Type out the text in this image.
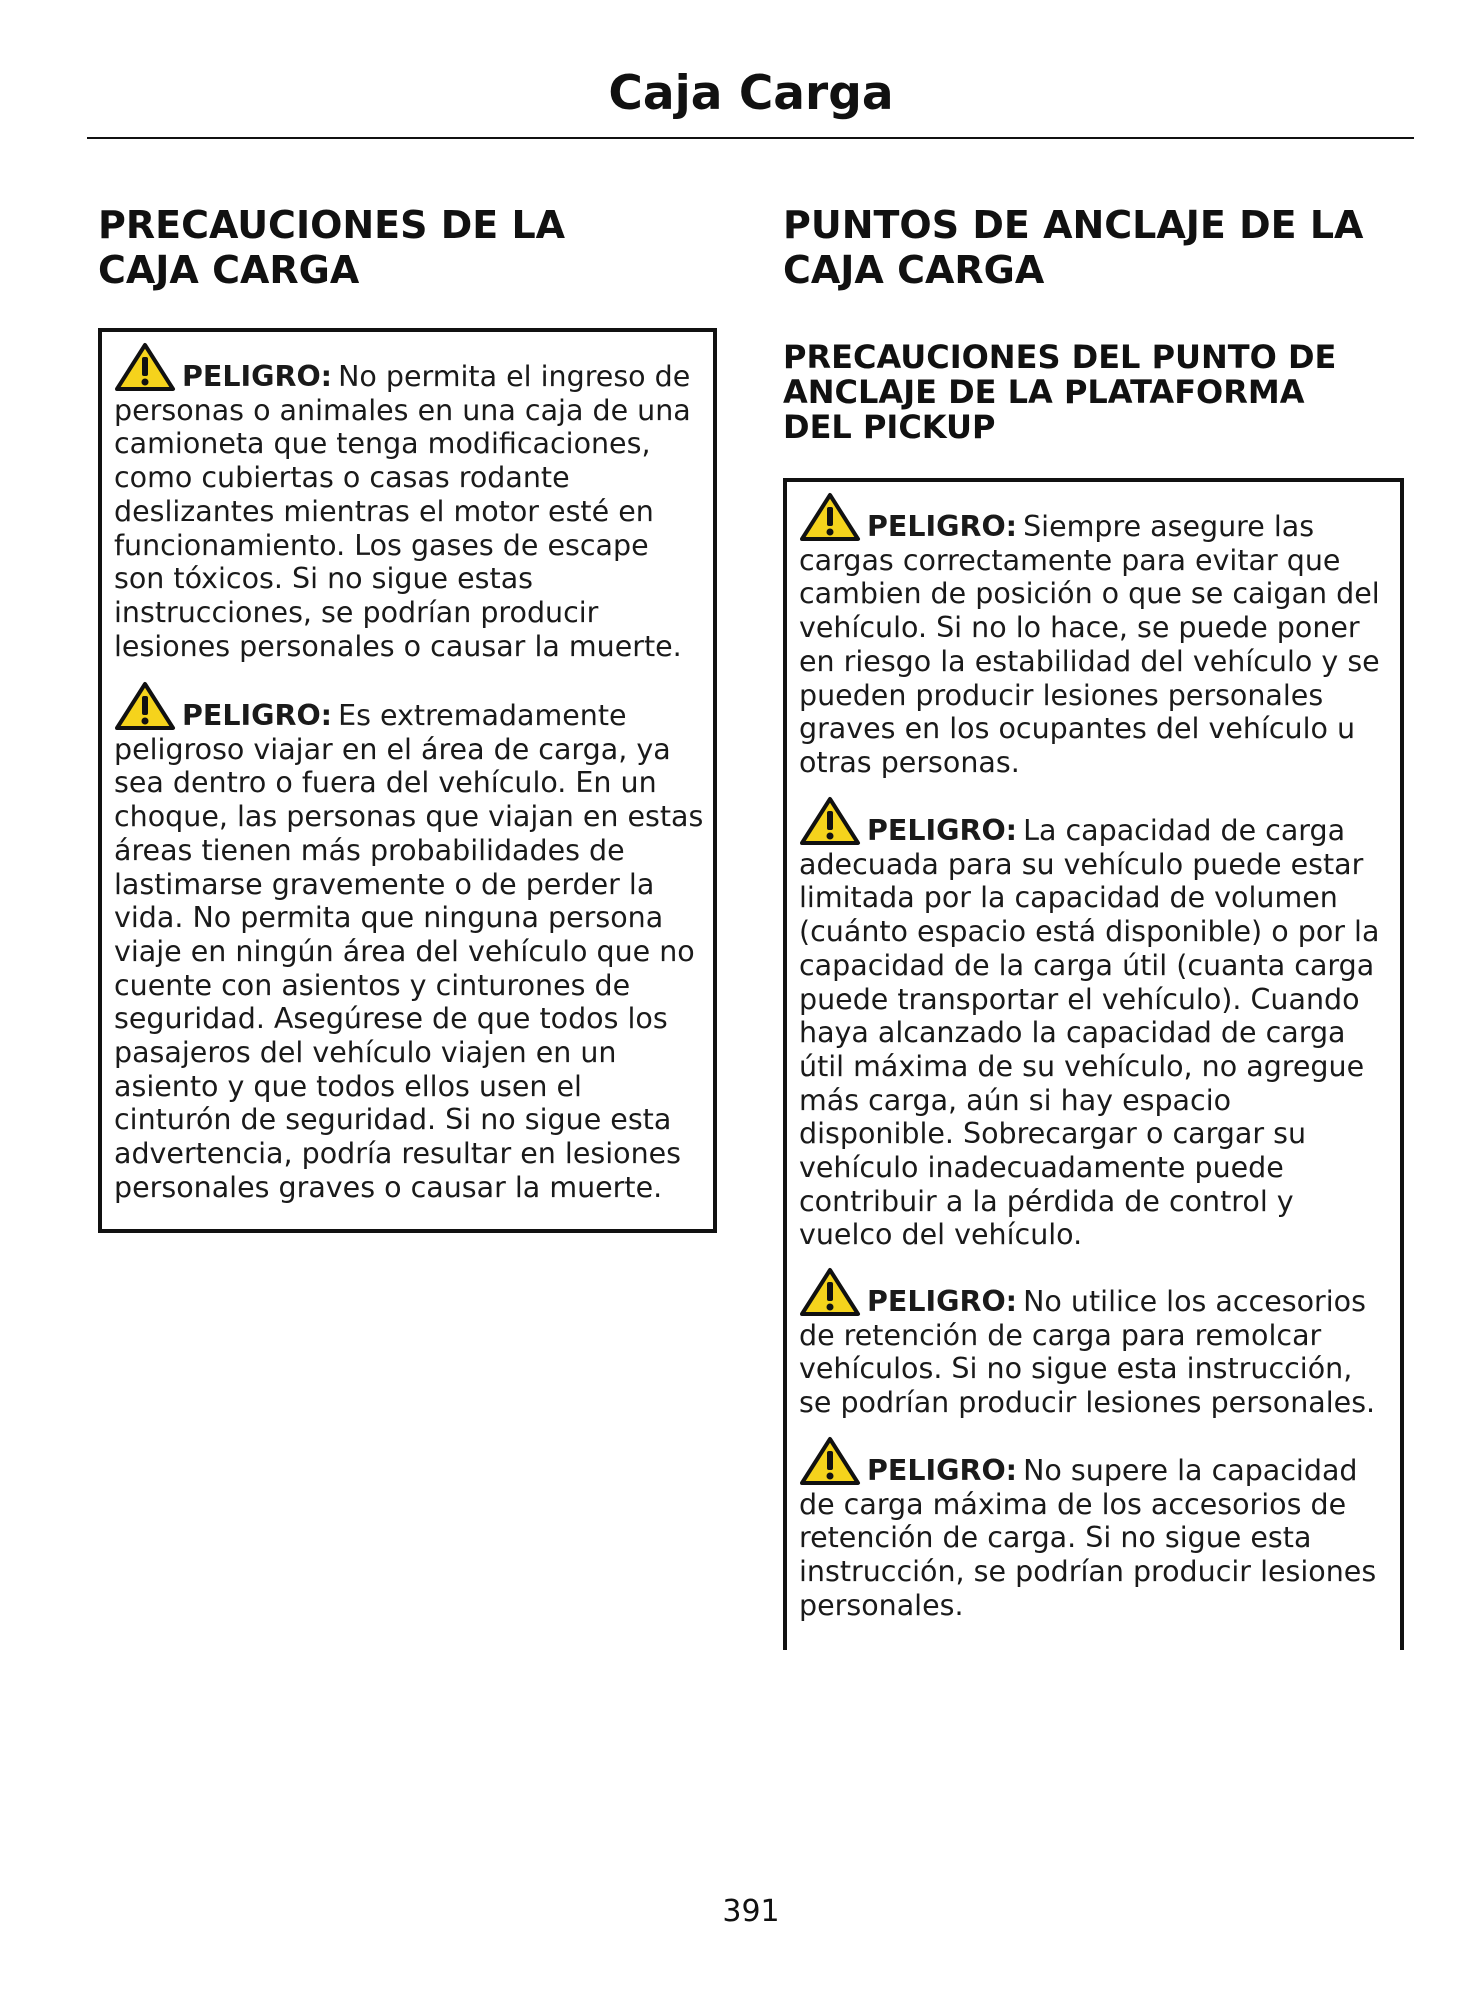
Caja Carga
PRECAUCIONES DE LA
CAJA CARGA
PELIGRO: No permita el ingreso de personas o animales en una caja de una camioneta que tenga modificaciones, como cubiertas o casas rodante deslizantes mientras el motor esté en funcionamiento. Los gases de escape son tóxicos. Si no sigue estas instrucciones, se podrían producir lesiones personales o causar la muerte.
PELIGRO: Es extremadamente peligroso viajar en el área de carga, ya sea dentro o fuera del vehículo. En un choque, las personas que viajan en estas áreas tienen más probabilidades de lastimarse gravemente o de perder la vida. No permita que ninguna persona viaje en ningún área del vehículo que no cuente con asientos y cinturones de seguridad. Asegúrese de que todos los pasajeros del vehículo viajen en un asiento y que todos ellos usen el cinturón de seguridad. Si no sigue esta advertencia, podría resultar en lesiones personales graves o causar la muerte.
PUNTOS DE ANCLAJE DE LA
CAJA CARGA
PRECAUCIONES DEL PUNTO DE
ANCLAJE DE LA PLATAFORMA
DEL PICKUP
PELIGRO: Siempre asegure las cargas correctamente para evitar que cambien de posición o que se caigan del vehículo. Si no lo hace, se puede poner en riesgo la estabilidad del vehículo y se pueden producir lesiones personales graves en los ocupantes del vehículo u otras personas.
PELIGRO: La capacidad de carga adecuada para su vehículo puede estar limitada por la capacidad de volumen (cuánto espacio está disponible) o por la capacidad de la carga útil (cuanta carga puede transportar el vehículo). Cuando haya alcanzado la capacidad de carga útil máxima de su vehículo, no agregue más carga, aún si hay espacio disponible. Sobrecargar o cargar su vehículo inadecuadamente puede contribuir a la pérdida de control y vuelco del vehículo.
PELIGRO: No utilice los accesorios de retención de carga para remolcar vehículos. Si no sigue esta instrucción, se podrían producir lesiones personales.
PELIGRO: No supere la capacidad de carga máxima de los accesorios de retención de carga. Si no sigue esta instrucción, se podrían producir lesiones personales.
391
